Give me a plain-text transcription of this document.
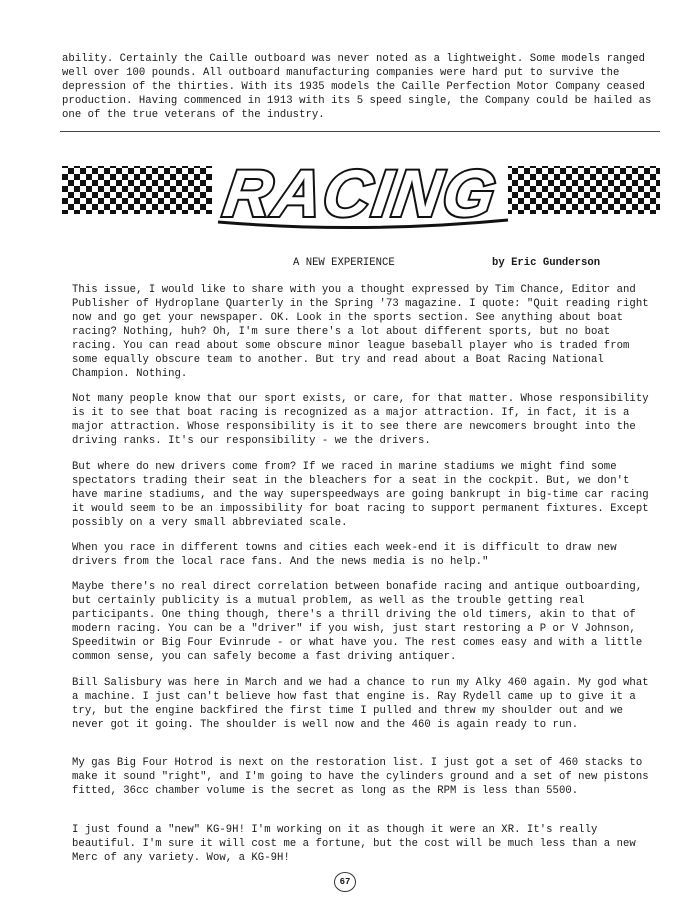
ability. Certainly the Caille outboard was never noted as a lightweight. Some models ranged well over 100 pounds. All outboard manufacturing companies were hard put to survive the depression of the thirties. With its 1935 models the Caille Perfection Motor Company ceased production. Having commenced in 1913 with its 5 speed single, the Company could be hailed as one of the true veterans of the industry.

RACING
A NEW EXPERIENCE	by Eric Gunderson

This issue, I would like to share with you a thought expressed by Tim Chance, Editor and Publisher of Hydroplane Quarterly in the Spring '73 magazine. I quote: "Quit reading right now and go get your newspaper. OK. Look in the sports section. See anything about boat racing? Nothing, huh? Oh, I'm sure there's a lot about different sports, but no boat racing. You can read about some obscure minor league baseball player who is traded from some equally obscure team to another. But try and read about a Boat Racing National Champion. Nothing.

Not many people know that our sport exists, or care, for that matter. Whose responsibility is it to see that boat racing is recognized as a major attraction. If, in fact, it is a major attraction. Whose responsibility is it to see there are newcomers brought into the driving ranks. It's our responsibility - we the drivers.

But where do new drivers come from? If we raced in marine stadiums we might find some spectators trading their seat in the bleachers for a seat in the cockpit. But, we don't have marine stadiums, and the way superspeedways are going bankrupt in big-time car racing it would seem to be an impossibility for boat racing to support permanent fixtures. Except possibly on a very small abbreviated scale.

When you race in different towns and cities each week-end it is difficult to draw new drivers from the local race fans. And the news media is no help."

Maybe there's no real direct correlation between bonafide racing and antique outboarding, but certainly publicity is a mutual problem, as well as the trouble getting real participants. One thing though, there's a thrill driving the old timers, akin to that of modern racing. You can be a "driver" if you wish, just start restoring a P or V Johnson, Speeditwin or Big Four Evinrude - or what have you. The rest comes easy and with a little common sense, you can safely become a fast driving antiquer.

Bill Salisbury was here in March and we had a chance to run my Alky 460 again. My god what a machine. I just can't believe how fast that engine is. Ray Rydell came up to give it a try, but the engine backfired the first time I pulled and threw my shoulder out and we never got it going. The shoulder is well now and the 460 is again ready to run.

My gas Big Four Hotrod is next on the restoration list. I just got a set of 460 stacks to make it sound "right", and I'm going to have the cylinders ground and a set of new pistons fitted, 36cc chamber volume is the secret as long as the RPM is less than 5500.

I just found a "new" KG-9H! I'm working on it as though it were an XR. It's really beautiful. I'm sure it will cost me a fortune, but the cost will be much less than a new Merc of any variety. Wow, a KG-9H!

67
